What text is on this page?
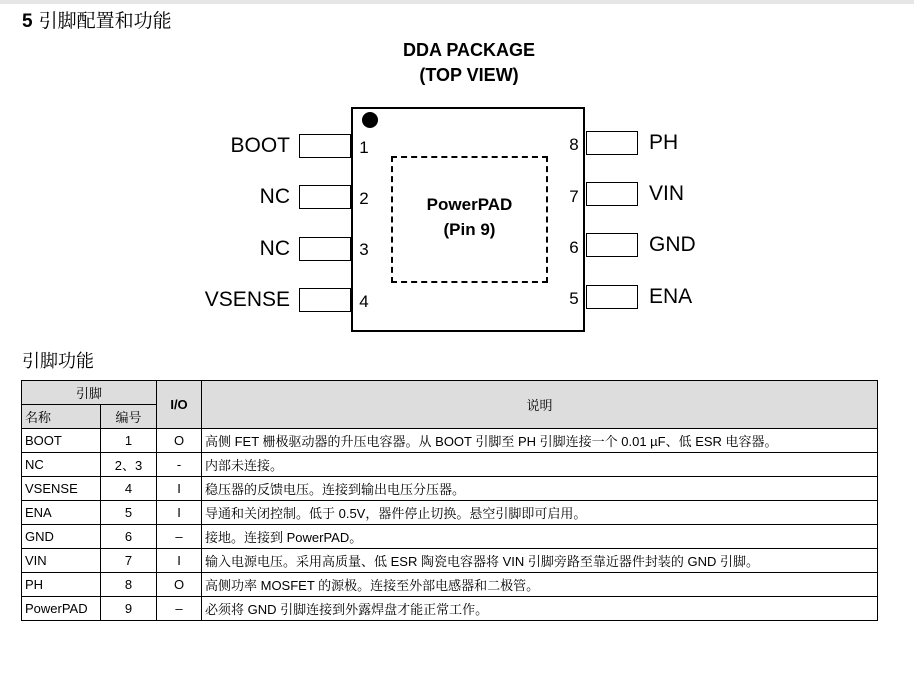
5 引脚配置和功能
DDA PACKAGE
(TOP VIEW)
PowerPAD
(Pin 9)
1
2
3
4
8
7
6
5
BOOT
NC
NC
VSENSE
PH
VIN
GND
ENA
引脚功能
引脚		I/O	说明
名称	编号		
BOOT	1	O	高侧 FET 栅极驱动器的升压电容器。从 BOOT 引脚至 PH 引脚连接一个 0.01 µF、低 ESR 电容器。
NC	2、3	-	内部未连接。
VSENSE	4	I	稳压器的反馈电压。连接到输出电压分压器。
ENA	5	I	导通和关闭控制。低于 0.5V，器件停止切换。悬空引脚即可启用。
GND	6	–	接地。连接到 PowerPAD。
VIN	7	I	输入电源电压。采用高质量、低 ESR 陶瓷电容器将 VIN 引脚旁路至靠近器件封装的 GND 引脚。
PH	8	O	高侧功率 MOSFET 的源极。连接至外部电感器和二极管。
PowerPAD	9	–	必须将 GND 引脚连接到外露焊盘才能正常工作。
